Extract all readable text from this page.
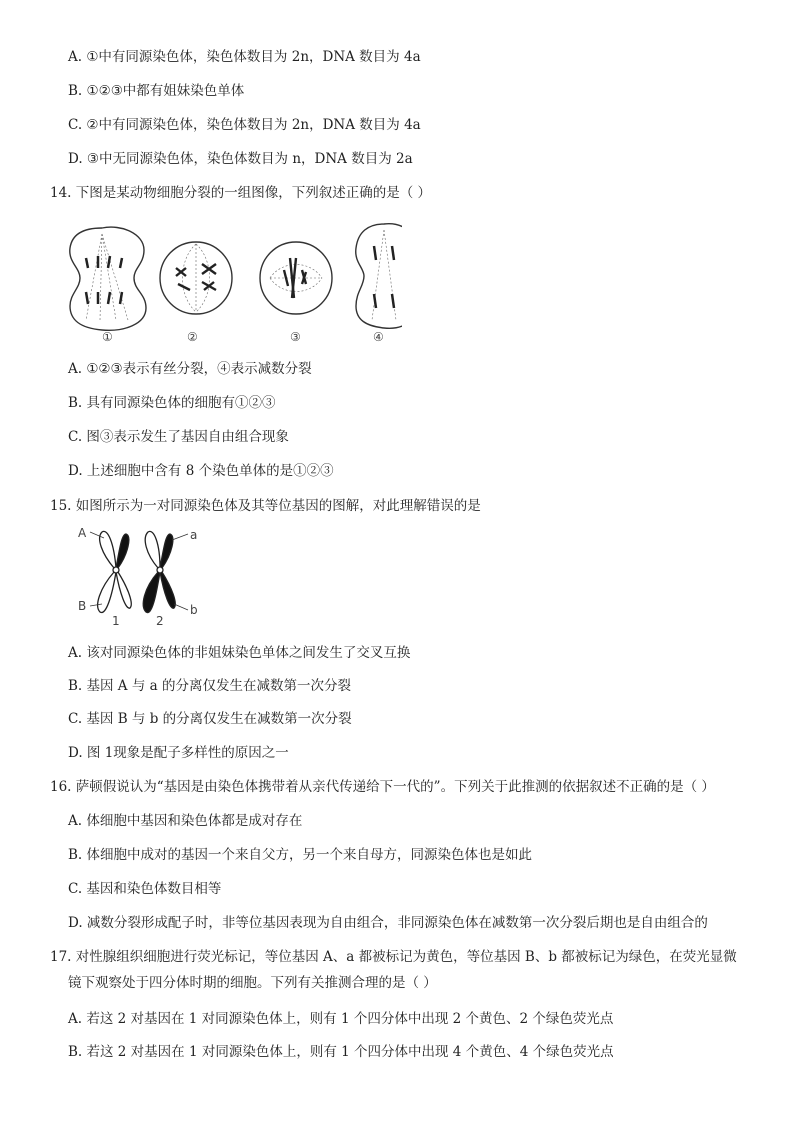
A. ①中有同源染色体，染色体数目为 2n，DNA 数目为 4a
B. ①②③中都有姐妹染色单体
C. ②中有同源染色体，染色体数目为 2n，DNA 数目为 4a
D. ③中无同源染色体，染色体数目为 n，DNA 数目为 2a
14. 下图是某动物细胞分裂的一组图像，下列叙述正确的是（ ）
①	②	③	④
A. ①②③表示有丝分裂，④表示减数分裂
B. 具有同源染色体的细胞有①②③
C. 图③表示发生了基因自由组合现象
D. 上述细胞中含有 8 个染色单体的是①②③
15. 如图所示为一对同源染色体及其等位基因的图解，对此理解错误的是
A	a
B	b
1	2
A. 该对同源染色体的非姐妹染色单体之间发生了交叉互换
B. 基因 A 与 a 的分离仅发生在减数第一次分裂
C. 基因 B 与 b 的分离仅发生在减数第一次分裂
D. 图 1现象是配子多样性的原因之一
16. 萨顿假说认为“基因是由染色体携带着从亲代传递给下一代的”。下列关于此推测的依据叙述不正确的是（ ）
A. 体细胞中基因和染色体都是成对存在
B. 体细胞中成对的基因一个来自父方，另一个来自母方，同源染色体也是如此
C. 基因和染色体数目相等
D. 减数分裂形成配子时，非等位基因表现为自由组合，非同源染色体在减数第一次分裂后期也是自由组合的
17. 对性腺组织细胞进行荧光标记，等位基因 A、a 都被标记为黄色，等位基因 B、b 都被标记为绿色，在荧光显微
镜下观察处于四分体时期的细胞。下列有关推测合理的是（ ）
A. 若这 2 对基因在 1 对同源染色体上，则有 1 个四分体中出现 2 个黄色、2 个绿色荧光点
B. 若这 2 对基因在 1 对同源染色体上，则有 1 个四分体中出现 4 个黄色、4 个绿色荧光点
